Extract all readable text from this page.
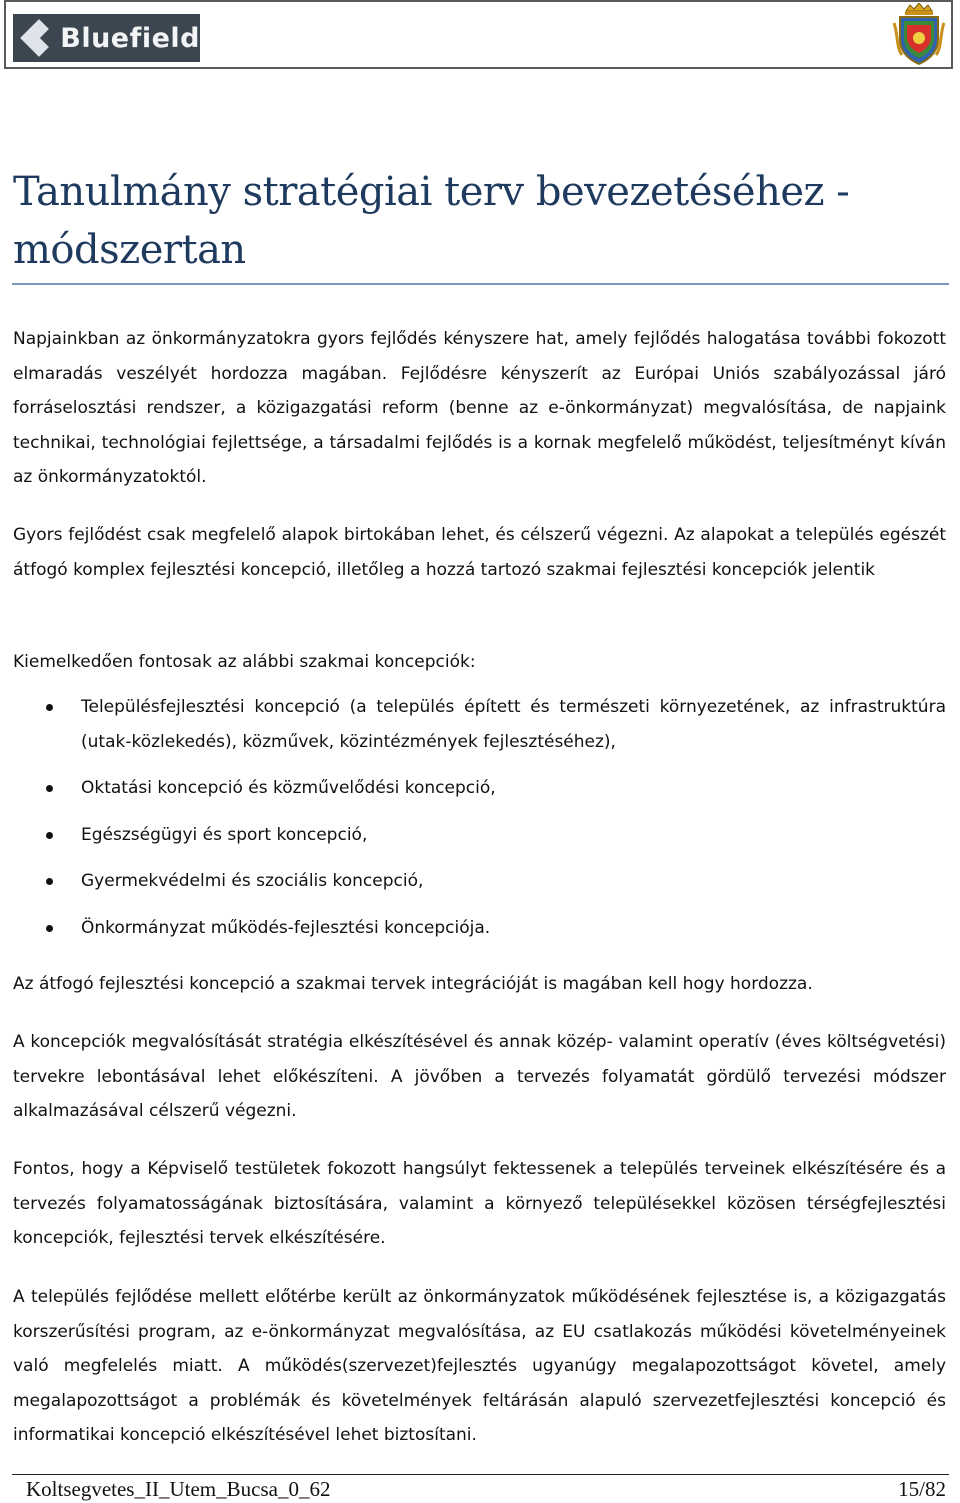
Bluefield
Tanulmány stratégiai terv bevezetéséhez - módszertan

Napjainkban az önkormányzatokra gyors fejlődés kényszere hat, amely fejlődés halogatása további fokozott elmaradás veszélyét hordozza magában. Fejlődésre kényszerít az Európai Uniós szabályozással járó forráselosztási rendszer, a közigazgatási reform (benne az e-önkormányzat) megvalósítása, de napjaink technikai, technológiai fejlettsége, a társadalmi fejlődés is a kornak megfelelő működést, teljesítményt kíván az önkormányzatoktól.

Gyors fejlődést csak megfelelő alapok birtokában lehet, és célszerű végezni. Az alapokat a település egészét átfogó komplex fejlesztési koncepció, illetőleg a hozzá tartozó szakmai fejlesztési koncepciók jelentik

Kiemelkedően fontosak az alábbi szakmai koncepciók:

Településfejlesztési koncepció (a település épített és természeti környezetének, az infrastruktúra (utak-közlekedés), közművek, közintézmények fejlesztéséhez),
Oktatási koncepció és közművelődési koncepció,
Egészségügyi és sport koncepció,
Gyermekvédelmi és szociális koncepció,
Önkormányzat működés-fejlesztési koncepciója.

Az átfogó fejlesztési koncepció a szakmai tervek integrációját is magában kell hogy hordozza.

A koncepciók megvalósítását stratégia elkészítésével és annak közép- valamint operatív (éves költségvetési) tervekre lebontásával lehet előkészíteni. A jövőben a tervezés folyamatát gördülő tervezési módszer alkalmazásával célszerű végezni.

Fontos, hogy a Képviselő testületek fokozott hangsúlyt fektessenek a település terveinek elkészítésére és a tervezés folyamatosságának biztosítására, valamint a környező településekkel közösen térségfejlesztési koncepciók, fejlesztési tervek elkészítésére.

A település fejlődése mellett előtérbe került az önkormányzatok működésének fejlesztése is, a közigazgatás korszerűsítési program, az e-önkormányzat megvalósítása, az EU csatlakozás működési követelményeinek való megfelelés miatt. A működés(szervezet)fejlesztés ugyanúgy megalapozottságot követel, amely megalapozottságot a problémák és követelmények feltárásán alapuló szervezetfejlesztési koncepció és informatikai koncepció elkészítésével lehet biztosítani.

Koltsegvetes_II_Utem_Bucsa_0_62	15/82
